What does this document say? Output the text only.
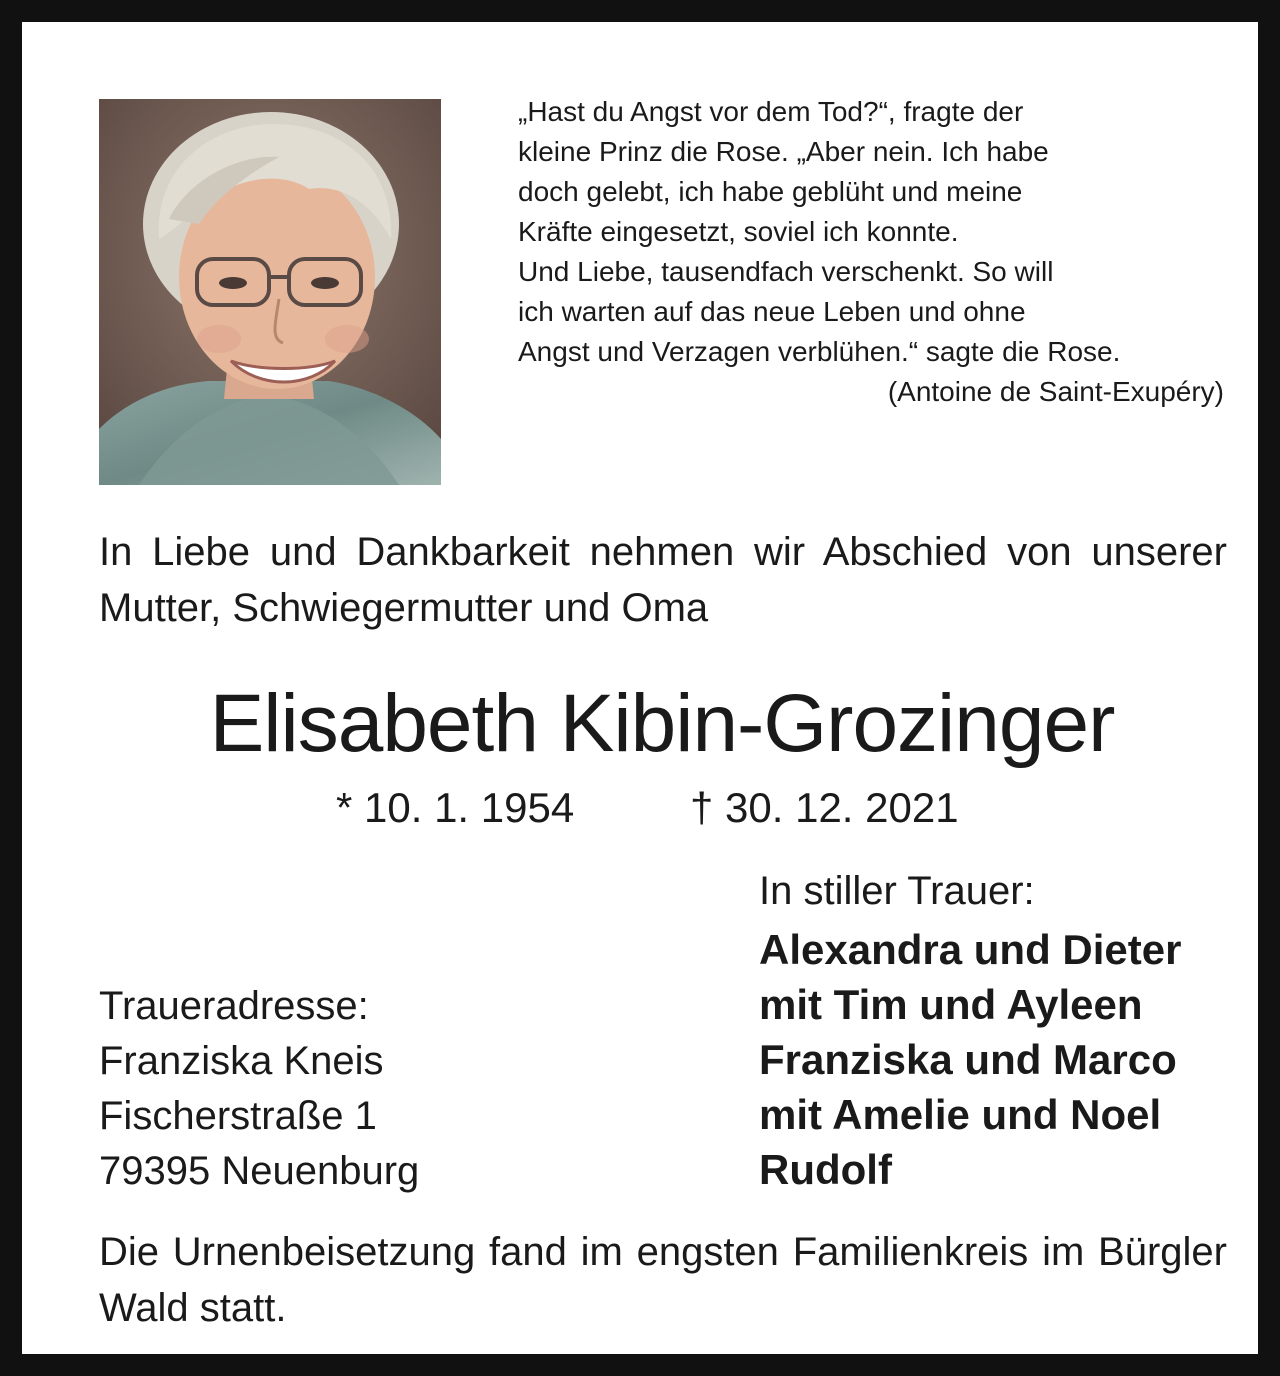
„Hast du Angst vor dem Tod?“, fragte der
kleine Prinz die Rose. „Aber nein. Ich habe
doch gelebt, ich habe geblüht und meine
Kräfte eingesetzt, soviel ich konnte.
Und Liebe, tausendfach verschenkt. So will
ich warten auf das neue Leben und ohne
Angst und Verzagen verblühen.“ sagte die Rose.
(Antoine de Saint-Exupéry)
In Liebe und Dankbarkeit nehmen wir Abschied von unserer Mutter, Schwiegermutter und Oma
Elisabeth Kibin-Grozinger
* 10. 1. 1954	† 30. 12. 2021
In stiller Trauer:
Alexandra und Dieter
mit Tim und Ayleen
Franziska und Marco
mit Amelie und Noel
Rudolf
Traueradresse:
Franziska Kneis
Fischerstraße 1
79395 Neuenburg
Die Urnenbeisetzung fand im engsten Familienkreis im Bürgler Wald statt.
